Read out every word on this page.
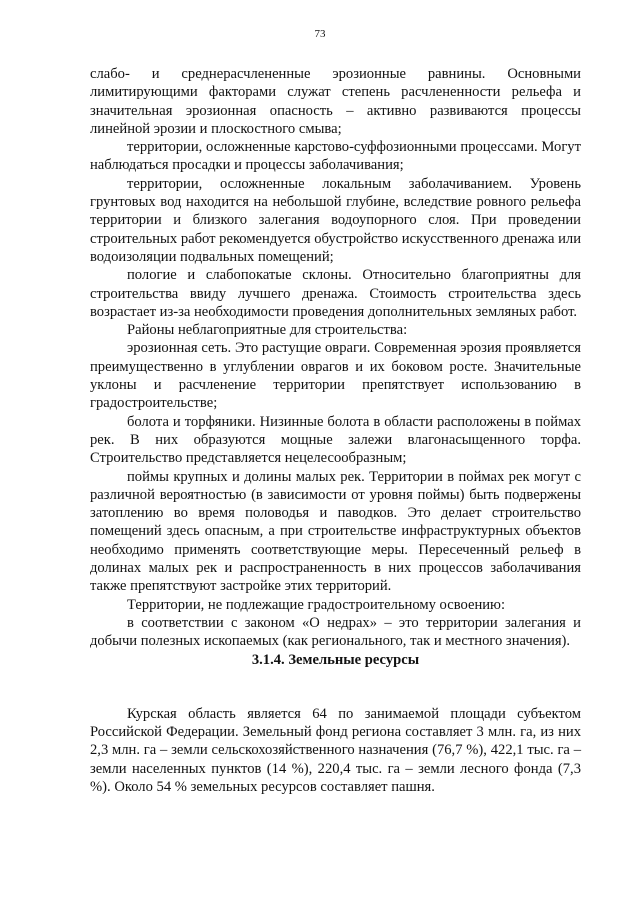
73

слабо- и среднерасчлененные эрозионные равнины. Основными лимитирующими факторами служат степень расчлененности рельефа и значительная эрозионная опасность – активно развиваются процессы линейной эрозии и плоскостного смыва;

территории, осложненные карстово-суффозионными процессами. Могут наблюдаться просадки и процессы заболачивания;

территории, осложненные локальным заболачиванием. Уровень грунтовых вод находится на небольшой глубине, вследствие ровного рельефа территории и близкого залегания водоупорного слоя. При проведении строительных работ рекомендуется обустройство искусственного дренажа или водоизоляции подвальных помещений;

пологие и слабопокатые склоны. Относительно благоприятны для строительства ввиду лучшего дренажа. Стоимость строительства здесь возрастает из-за необходимости проведения дополнительных земляных работ.

Районы неблагоприятные для строительства:

эрозионная сеть. Это растущие овраги. Современная эрозия проявляется преимущественно в углублении оврагов и их боковом росте. Значительные уклоны и расчленение территории препятствует использованию в градостроительстве;

болота и торфяники. Низинные болота в области расположены в поймах рек. В них образуются мощные залежи влагонасыщенного торфа. Строительство представляется нецелесообразным;

поймы крупных и долины малых рек. Территории в поймах рек могут с различной вероятностью (в зависимости от уровня поймы) быть подвержены затоплению во время половодья и паводков. Это делает строительство помещений здесь опасным, а при строительстве инфраструктурных объектов необходимо применять соответствующие меры. Пересеченный рельеф в долинах малых рек и распространенность в них процессов заболачивания также препятствуют застройке этих территорий.

Территории, не подлежащие градостроительному освоению:

в соответствии с законом «О недрах» – это территории залегания и добычи полезных ископаемых (как регионального, так и местного значения).

3.1.4. Земельные ресурсы

Курская область является 64 по занимаемой площади субъектом Российской Федерации. Земельный фонд региона составляет 3 млн. га, из них 2,3 млн. га – земли сельскохозяйственного назначения (76,7 %), 422,1 тыс. га – земли населенных пунктов (14 %), 220,4 тыс. га – земли лесного фонда (7,3 %). Около 54 % земельных ресурсов составляет пашня.
